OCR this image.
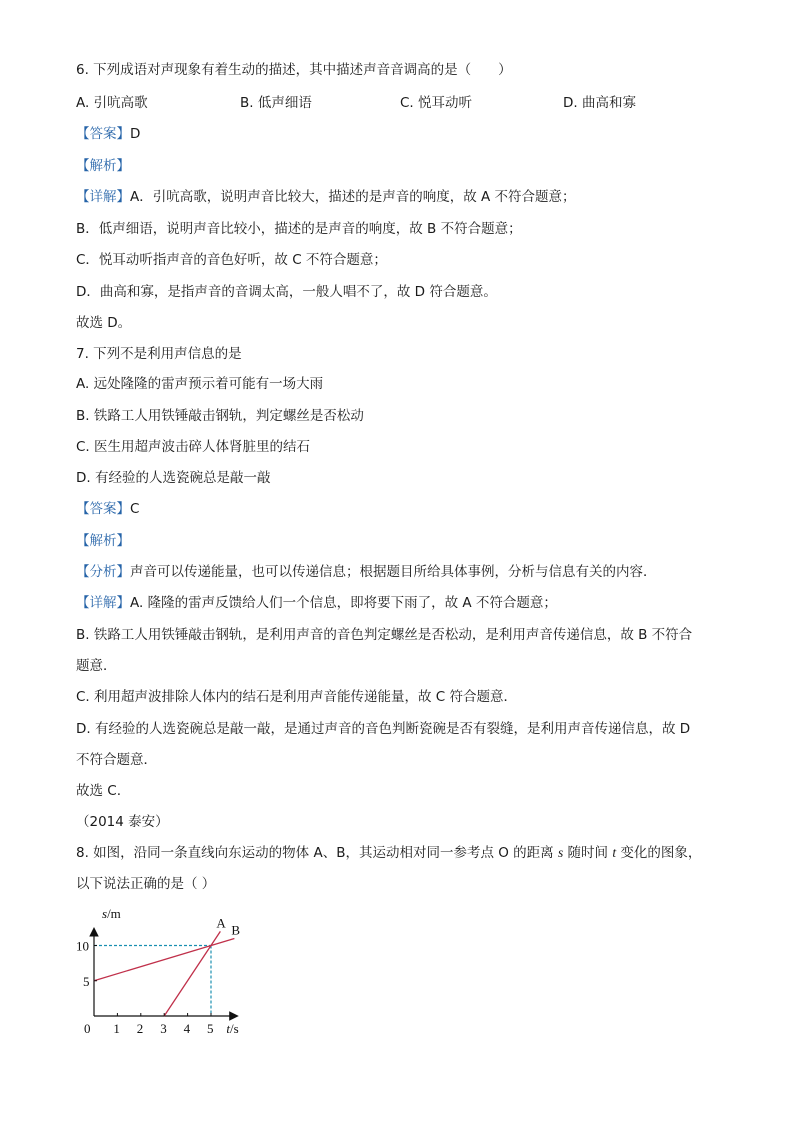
6. 下列成语对声现象有着生动的描述，其中描述声音音调高的是（　　）
A. 引吭高歌	B. 低声细语	C. 悦耳动听	D. 曲高和寡
【答案】D
【解析】
【详解】A．引吭高歌，说明声音比较大，描述的是声音的响度，故 A 不符合题意；
B．低声细语，说明声音比较小，描述的是声音的响度，故 B 不符合题意；
C．悦耳动听指声音的音色好听，故 C 不符合题意；
D．曲高和寡，是指声音的音调太高，一般人唱不了，故 D 符合题意。
故选 D。
7. 下列不是利用声信息的是
A. 远处隆隆的雷声预示着可能有一场大雨
B. 铁路工人用铁锤敲击钢轨，判定螺丝是否松动
C. 医生用超声波击碎人体肾脏里的结石
D. 有经验的人选瓷碗总是敲一敲
【答案】C
【解析】
【分析】声音可以传递能量，也可以传递信息；根据题目所给具体事例，分析与信息有关的内容．
【详解】A. 隆隆的雷声反馈给人们一个信息，即将要下雨了，故 A 不符合题意；
B. 铁路工人用铁锤敲击钢轨，是利用声音的音色判定螺丝是否松动，是利用声音传递信息，故 B 不符合
题意．
C. 利用超声波排除人体内的结石是利用声音能传递能量，故 C 符合题意．
D. 有经验的人选瓷碗总是敲一敲，是通过声音的音色判断瓷碗是否有裂缝，是利用声音传递信息，故 D
不符合题意．
故选 C.
（2014 泰安）
8. 如图，沿同一条直线向东运动的物体 A、B，其运动相对同一参考点 O 的距离 s 随时间 t 变化的图象，
以下说法正确的是（ ）
A B
0 1 2 3 4 5
5
10
s/m
t/s
